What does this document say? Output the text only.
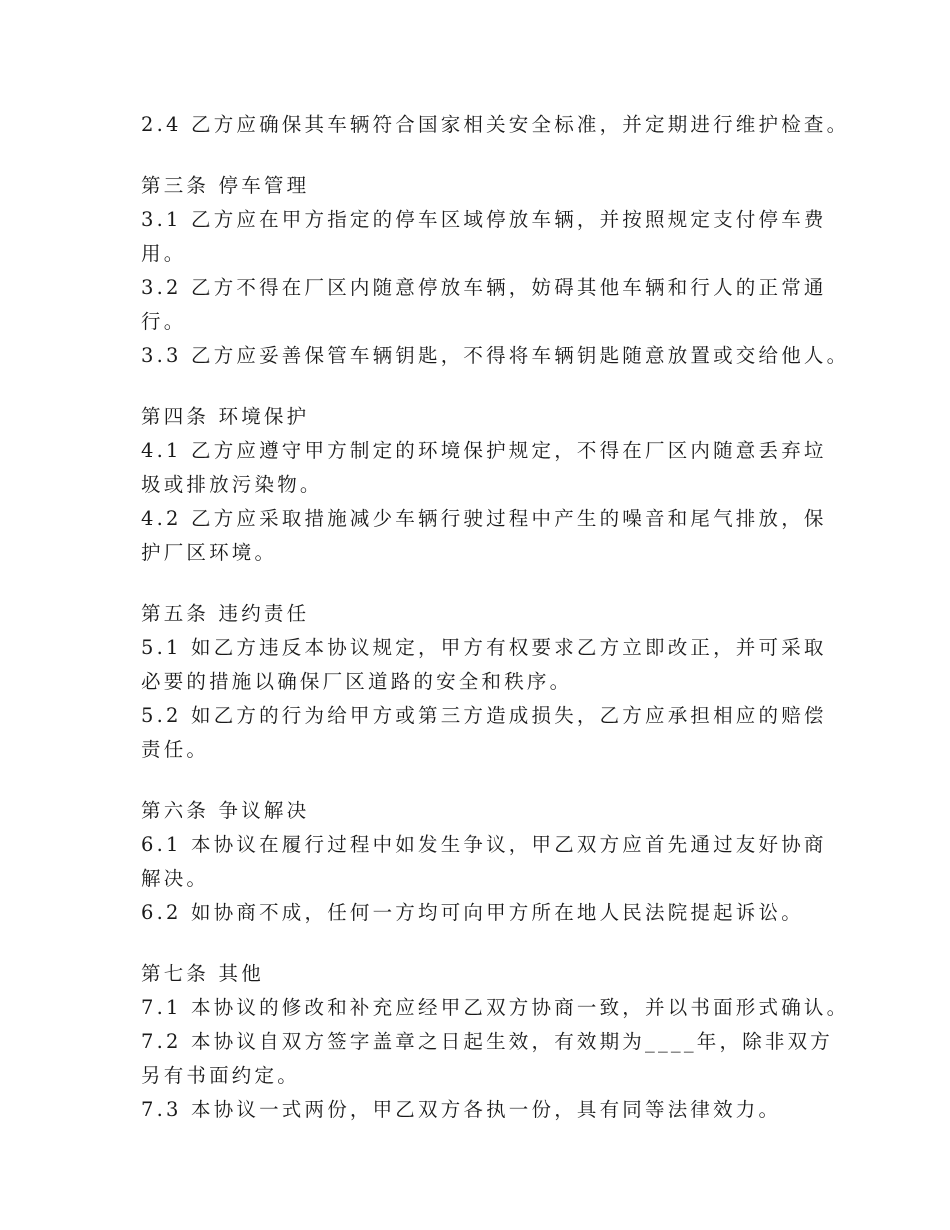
2.4 乙方应确保其车辆符合国家相关安全标准，并定期进行维护检查。
第三条 停车管理
3.1 乙方应在甲方指定的停车区域停放车辆，并按照规定支付停车费
用。
3.2 乙方不得在厂区内随意停放车辆，妨碍其他车辆和行人的正常通
行。
3.3 乙方应妥善保管车辆钥匙，不得将车辆钥匙随意放置或交给他人。
第四条 环境保护
4.1 乙方应遵守甲方制定的环境保护规定，不得在厂区内随意丢弃垃
圾或排放污染物。
4.2 乙方应采取措施减少车辆行驶过程中产生的噪音和尾气排放，保
护厂区环境。
第五条 违约责任
5.1 如乙方违反本协议规定，甲方有权要求乙方立即改正，并可采取
必要的措施以确保厂区道路的安全和秩序。
5.2 如乙方的行为给甲方或第三方造成损失，乙方应承担相应的赔偿
责任。
第六条 争议解决
6.1 本协议在履行过程中如发生争议，甲乙双方应首先通过友好协商
解决。
6.2 如协商不成，任何一方均可向甲方所在地人民法院提起诉讼。
第七条 其他
7.1 本协议的修改和补充应经甲乙双方协商一致，并以书面形式确认。
7.2 本协议自双方签字盖章之日起生效，有效期为____年，除非双方
另有书面约定。
7.3 本协议一式两份，甲乙双方各执一份，具有同等法律效力。
